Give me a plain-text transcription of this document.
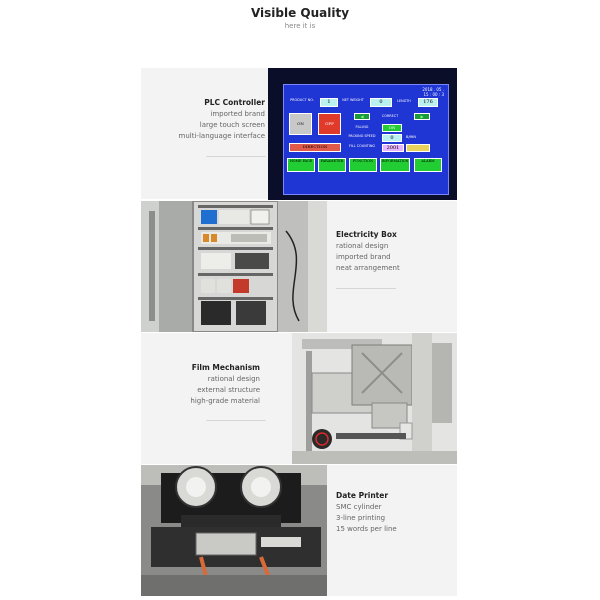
Visible Quality
here it is
PLC Controller
imported brand
large touch screen
multi-language interface
2018 . 05 .
15 : 00 : 3
PRODUCT NO.	1	NET WEIGHT	0	LENGTH	176
ON	OFF
◀	CORRECT	▶
FILLING	ON
PACKING SPEED	0	B/MIN
DIRECTION	FILL COUNTING	2001
HOME PAGE	PARAMETER	FUNCTION	INFORMATION	ALARM
Electricity Box
rational design
imported brand
neat arrangement
Film Mechanism
rational design
external structure
high-grade material
Date Printer
SMC cylinder
3-line printing
15 words per line
